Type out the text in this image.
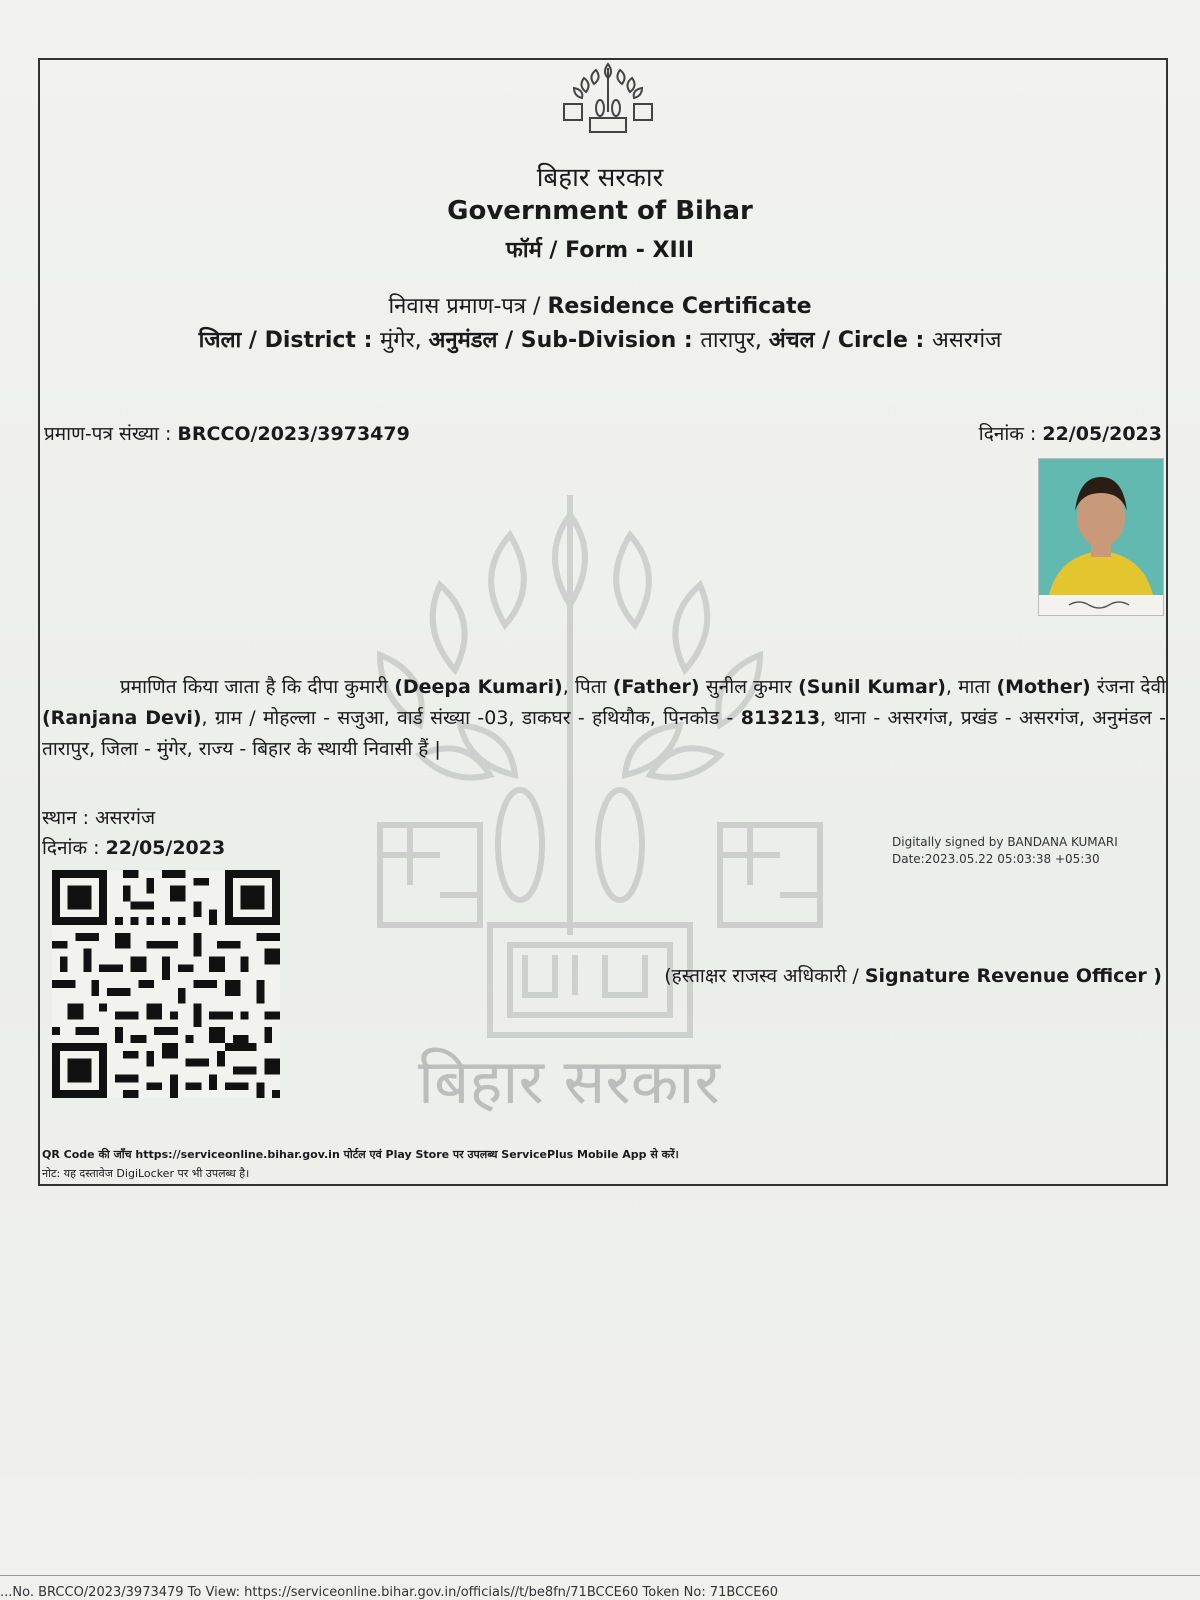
बिहार सरकार
बिहार सरकार
Government of Bihar
फॉर्म / Form - XIII
निवास प्रमाण-पत्र / Residence Certificate
जिला / District : मुंगेर, अनुमंडल / Sub-Division : तारापुर, अंचल / Circle : असरगंज
प्रमाण-पत्र संख्या : BRCCO/2023/3973479	दिनांक : 22/05/2023
प्रमाणित किया जाता है कि दीपा कुमारी (Deepa Kumari), पिता (Father) सुनील कुमार (Sunil Kumar), माता (Mother) रंजना देवी (Ranjana Devi), ग्राम / मोहल्ला - सजुआ, वार्ड संख्या -03, डाकघर - हथियौक, पिनकोड - 813213, थाना - असरगंज, प्रखंड - असरगंज, अनुमंडल - तारापुर, जिला - मुंगेर, राज्य - बिहार के स्थायी निवासी हैं |
स्थान : असरगंज
दिनांक : 22/05/2023	Digitally signed by BANDANA KUMARI
Date:2023.05.22 05:03:38 +05:30
(हस्ताक्षर राजस्व अधिकारी / Signature Revenue Officer )
QR Code की जाँच https://serviceonline.bihar.gov.in पोर्टल एवं Play Store पर उपलब्ध ServicePlus Mobile App से करें।
नोट: यह दस्तावेज DigiLocker पर भी उपलब्ध है।
...No. BRCCO/2023/3973479 To View: https://serviceonline.bihar.gov.in/officials//t/be8fn/71BCCE60 Token No: 71BCCE60
